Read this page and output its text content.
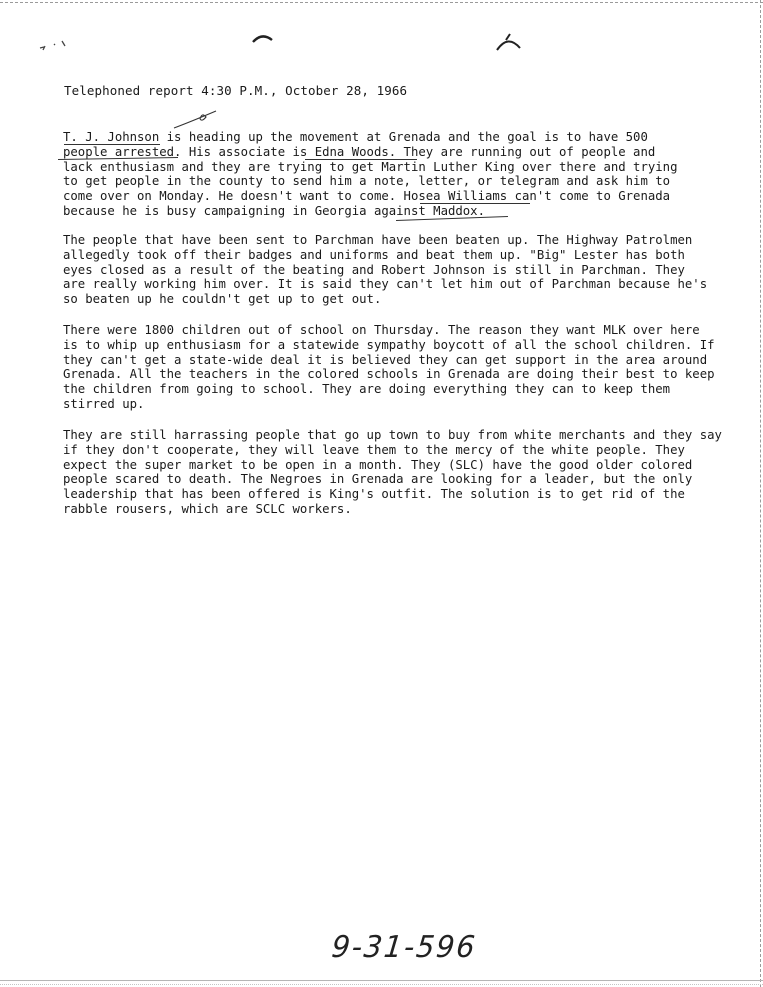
Telephoned report 4:30 P.M., October 28, 1966
T. J. Johnson is heading up the movement at Grenada and the goal is to have 500
people arrested. His associate is Edna Woods. They are running out of people and
lack enthusiasm and they are trying to get Martin Luther King over there and trying
to get people in the county to send him a note, letter, or telegram and ask him to
come over on Monday. He doesn't want to come. Hosea Williams can't come to Grenada
because he is busy campaigning in Georgia against Maddox.
The people that have been sent to Parchman have been beaten up. The Highway Patrolmen
allegedly took off their badges and uniforms and beat them up. "Big" Lester has both
eyes closed as a result of the beating and Robert Johnson is still in Parchman. They
are really working him over. It is said they can't let him out of Parchman because he's
so beaten up he couldn't get up to get out.
There were 1800 children out of school on Thursday. The reason they want MLK over here
is to whip up enthusiasm for a statewide sympathy boycott of all the school children. If
they can't get a state-wide deal it is believed they can get support in the area around
Grenada. All the teachers in the colored schools in Grenada are doing their best to keep
the children from going to school. They are doing everything they can to keep them
stirred up.
They are still harrassing people that go up town to buy from white merchants and they say
if they don't cooperate, they will leave them to the mercy of the white people. They
expect the super market to be open in a month. They (SLC) have the good older colored
people scared to death. The Negroes in Grenada are looking for a leader, but the only
leadership that has been offered is King's outfit. The solution is to get rid of the
rabble rousers, which are SCLC workers.
9-31-596
